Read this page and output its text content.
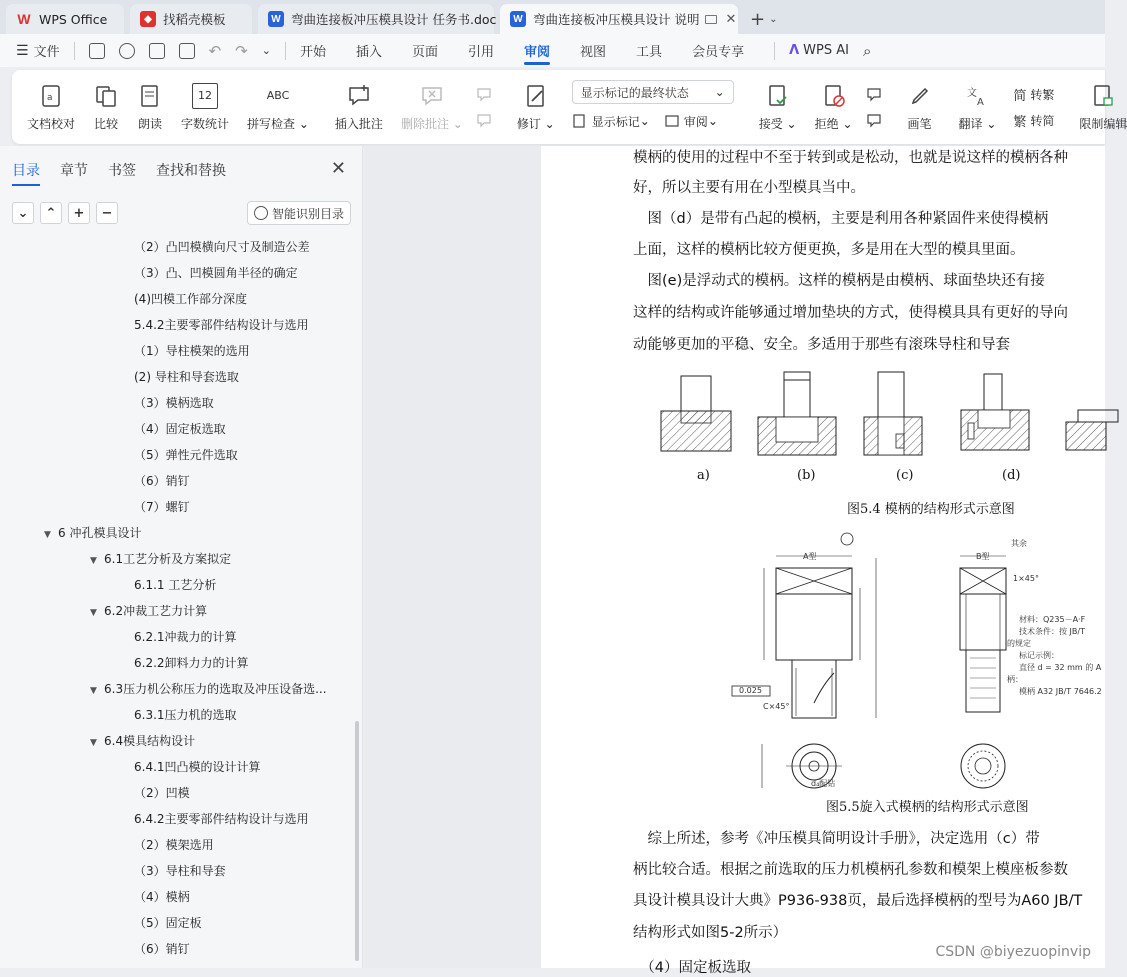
W WPS Office	◆ 找稻壳模板	W 弯曲连接板冲压模具设计 任务书.doc	W 弯曲连接板冲压模具设计 说明 ✕ + ⌄
☰ 文件	↶ ↷ ⌄ 开始 插入 页面 引用 审阅 视图 工具 会员专享	Ʌ WPS AI ⌕
a
文档校对 比较 朗读
12
字数统计
ABC
拼写检查 ⌄ 插入批注 删除批注 ⌄	修订 ⌄
显示标记的最终状态 ⌄
显示标记 ⌄	审阅 ⌄	接受 ⌄ 拒绝 ⌄	画笔
文
A
翻译 ⌄
简 转繁
繁 转简 限制编辑
目录 章节 书签 查找和替换	✕
⌄	⌃	+	−	智能识别目录
（2）凸凹模横向尺寸及制造公差
（3）凸、凹模圆角半径的确定
(4)凹模工作部分深度
5.4.2主要零部件结构设计与选用
（1）导柱模架的选用
(2) 导柱和导套选取
（3）模柄选取
（4）固定板选取
（5）弹性元件选取
（6）销钉
（7）螺钉
▼ 6 冲孔模具设计
▼ 6.1工艺分析及方案拟定
6.1.1 工艺分析
▼ 6.2冲裁工艺力计算
6.2.1冲裁力的计算
6.2.2卸料力力的计算
▼ 6.3压力机公称压力的选取及冲压设备选...
6.3.1压力机的选取
▼ 6.4模具结构设计
6.4.1凹凸模的设计计算
（2）凹模
6.4.2主要零部件结构设计与选用
（2）模架选用
（3）导柱和导套
（4）模柄
（5）固定板
（6）销钉
模柄的使用的过程中不至于转到或是松动，也就是说这样的模柄各种
好，所以主要有用在小型模具当中。
　图（d）是带有凸起的模柄，主要是利用各种紧固件来使得模柄
上面，这样的模柄比较方便更换，多是用在大型的模具里面。
　图(e)是浮动式的模柄。这样的模柄是由模柄、球面垫块还有接
这样的结构或许能够通过增加垫块的方式，使得模具具有更好的导向
动能够更加的平稳、安全。多适用于那些有滚珠导柱和导套
a)	(b)	(c)	(d)
图5.4 模柄的结构形式示意图
A型	B型
其余
1×45°
0.025
C×45°
d₄配钻
材料：Q235－A·F
技术条件：按 JB/T
的规定
标记示例：
直径 d = 32 mm 的 A
柄：
模柄 A32 JB/T 7646.2
图5.5旋入式模柄的结构形式示意图
　综上所述，参考《冲压模具简明设计手册》，决定选用（c）带
柄比较合适。根据之前选取的压力机模柄孔参数和模架上模座板参数
具设计模具设计大典》P936-938页，最后选择模柄的型号为A60 JB/T
结构形式如图5-2所示）
　（4）固定板选取
CSDN @biyezuopinvip
